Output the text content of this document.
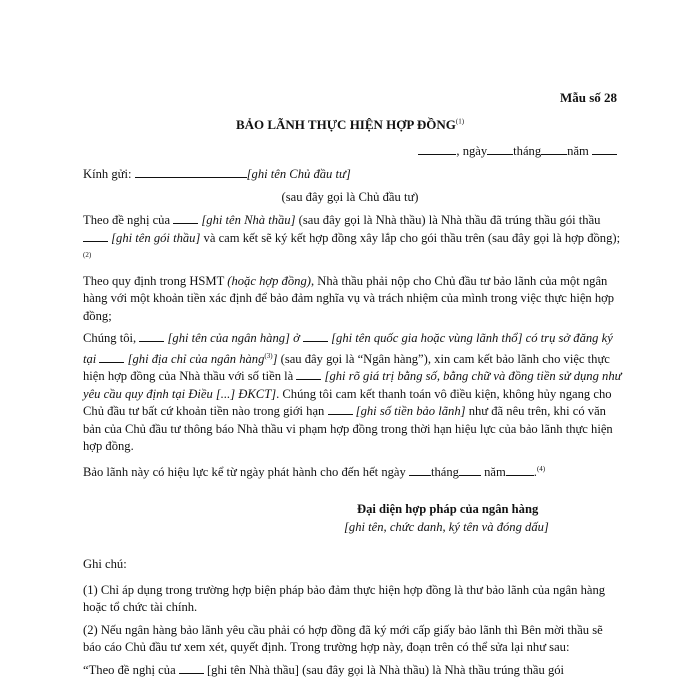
Mẫu số 28
BẢO LÃNH THỰC HIỆN HỢP ĐỒNG$^{(1)}$
, ngày tháng năm
Kính gửi:	[ghi tên Chủ đầu tư]
(sau đây gọi là Chủ đầu tư)

Theo đề nghị của [ghi tên Nhà thầu] (sau đây gọi là Nhà thầu) là Nhà thầu đã trúng thầu gói thầu  [ghi tên gói thầu] và cam kết sẽ ký kết hợp đồng xây lắp cho gói thầu trên (sau đây gọi là hợp đồng);$^{(2)}$

Theo quy định trong HSMT (hoặc hợp đồng), Nhà thầu phải nộp cho Chủ đầu tư bảo lãnh của một ngân hàng với một khoản tiền xác định để bảo đảm nghĩa vụ và trách nhiệm của mình trong việc thực hiện hợp đồng;

Chúng tôi, [ghi tên của ngân hàng] ở [ghi tên quốc gia hoặc vùng lãnh thổ] có trụ sở đăng ký tại [ghi địa chỉ của ngân hàng$^{(3)}$] (sau đây gọi là “Ngân hàng”), xin cam kết bảo lãnh cho việc thực hiện hợp đồng của Nhà thầu với số tiền là [ghi rõ giá trị bằng số, bằng chữ và đồng tiền sử dụng như yêu cầu quy định tại Điều [...] ĐKCT]. Chúng tôi cam kết thanh toán vô điều kiện, không hủy ngang cho Chủ đầu tư bất cứ khoản tiền nào trong giới hạn [ghi số tiền bảo lãnh] như đã nêu trên, khi có văn bản của Chủ đầu tư thông báo Nhà thầu vi phạm hợp đồng trong thời hạn hiệu lực của bảo lãnh thực hiện hợp đồng.

Bảo lãnh này có hiệu lực kể từ ngày phát hành cho đến hết ngày tháng năm .$^{(4)}$

Đại diện hợp pháp của ngân hàng
[ghi tên, chức danh, ký tên và đóng dấu]

Ghi chú:

(1) Chỉ áp dụng trong trường hợp biện pháp bảo đảm thực hiện hợp đồng là thư bảo lãnh của ngân hàng hoặc tổ chức tài chính.

(2) Nếu ngân hàng bảo lãnh yêu cầu phải có hợp đồng đã ký mới cấp giấy bảo lãnh thì Bên mời thầu sẽ báo cáo Chủ đầu tư xem xét, quyết định. Trong trường hợp này, đoạn trên có thể sửa lại như sau:

“Theo đề nghị của [ghi tên Nhà thầu] (sau đây gọi là Nhà thầu) là Nhà thầu trúng thầu gói
